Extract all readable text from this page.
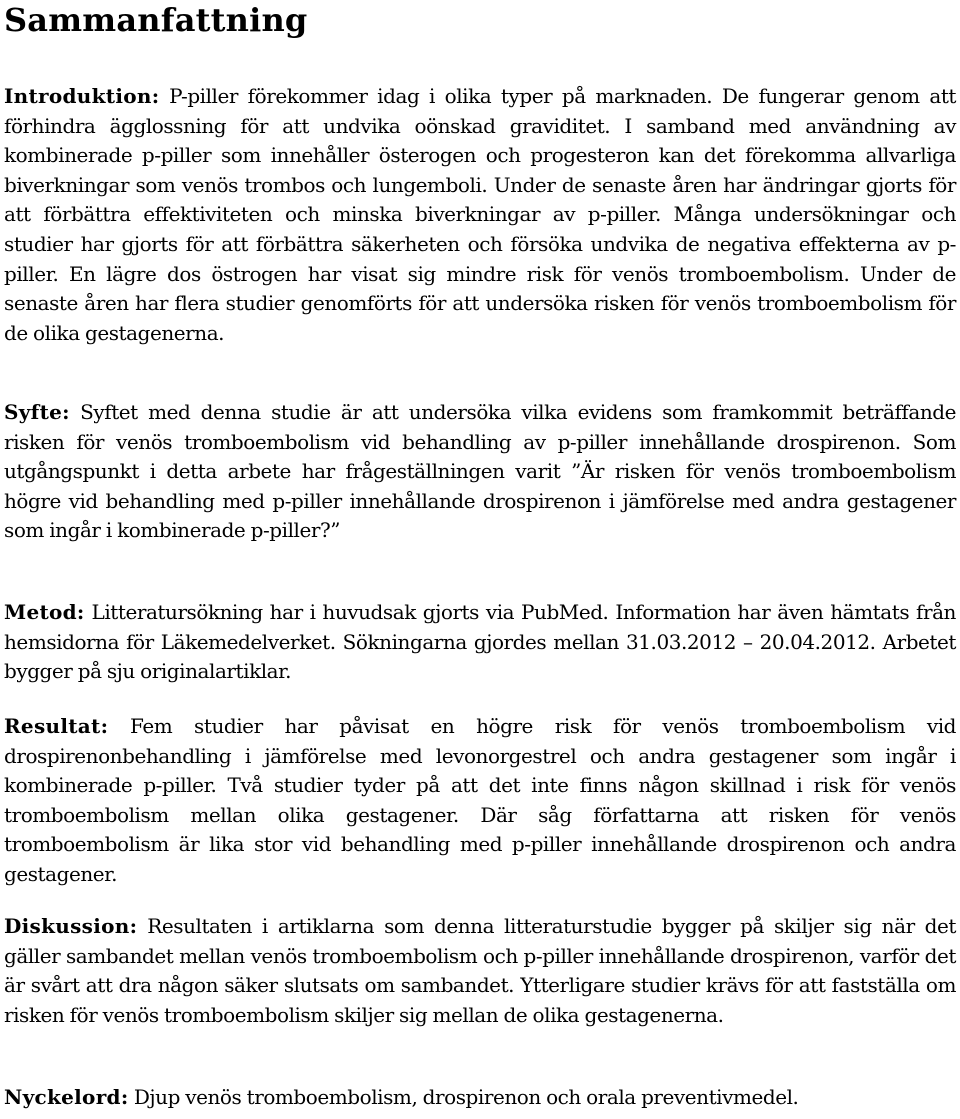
Sammanfattning

Introduktion: P-piller förekommer idag i olika typer på marknaden. De fungerar genom att förhindra ägglossning för att undvika oönskad graviditet. I samband med användning av kombinerade p-piller som innehåller österogen och progesteron kan det förekomma allvarliga biverkningar som venös trombos och lungemboli. Under de senaste åren har ändringar gjorts för att förbättra effektiviteten och minska biverkningar av p-piller. Många undersökningar och studier har gjorts för att förbättra säkerheten och försöka undvika de negativa effekterna av p-piller. En lägre dos östrogen har visat sig mindre risk för venös tromboembolism. Under de senaste åren har flera studier genomförts för att undersöka risken för venös tromboembolism för de olika gestagenerna.

Syfte: Syftet med denna studie är att undersöka vilka evidens som framkommit beträffande risken för venös tromboembolism vid behandling av p-piller innehållande drospirenon. Som utgångspunkt i detta arbete har frågeställningen varit ”Är risken för venös tromboembolism högre vid behandling med p-piller innehållande drospirenon i jämförelse med andra gestagener som ingår i kombinerade p-piller?”

Metod: Litteratursökning har i huvudsak gjorts via PubMed. Information har även hämtats från hemsidorna för Läkemedelverket. Sökningarna gjordes mellan 31.03.2012 – 20.04.2012. Arbetet bygger på sju originalartiklar.

Resultat: Fem studier har påvisat en högre risk för venös tromboembolism vid drospirenonbehandling i jämförelse med levonorgestrel och andra gestagener som ingår i kombinerade p-piller. Två studier tyder på att det inte finns någon skillnad i risk för venös tromboembolism mellan olika gestagener. Där såg författarna att risken för venös tromboembolism är lika stor vid behandling med p-piller innehållande drospirenon och andra gestagener.

Diskussion: Resultaten i artiklarna som denna litteraturstudie bygger på skiljer sig när det gäller sambandet mellan venös tromboembolism och p-piller innehållande drospirenon, varför det är svårt att dra någon säker slutsats om sambandet. Ytterligare studier krävs för att fastställa om risken för venös tromboembolism skiljer sig mellan de olika gestagenerna.

Nyckelord: Djup venös tromboembolism, drospirenon och orala preventivmedel.
